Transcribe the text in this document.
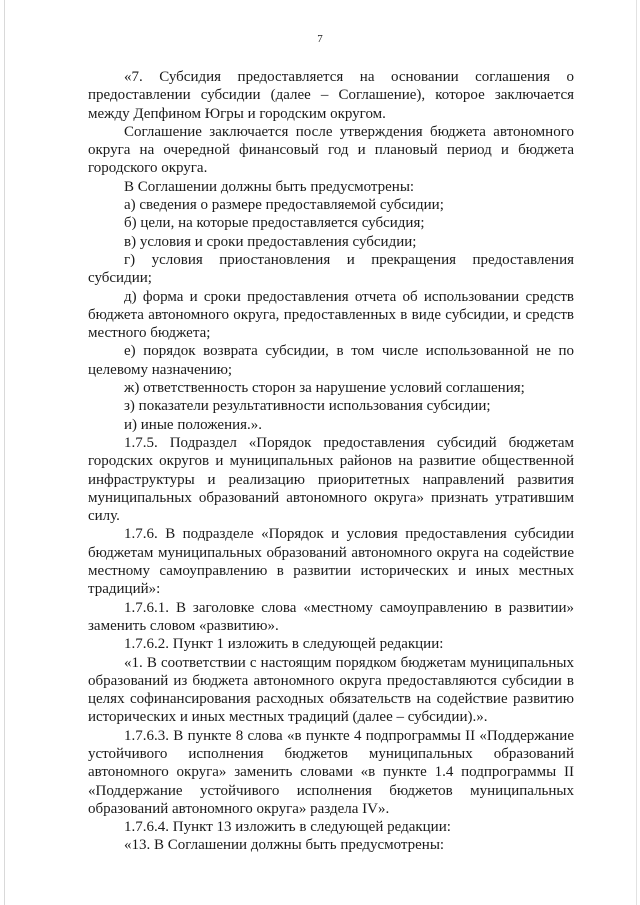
7

«7. Субсидия предоставляется на основании соглашения о предоставлении субсидии (далее – Соглашение), которое заключается между Депфином Югры и городским округом.

Соглашение заключается после утверждения бюджета автономного округа на очередной финансовый год и плановый период и бюджета городского округа.

В Соглашении должны быть предусмотрены:

а) сведения о размере предоставляемой субсидии;

б) цели, на которые предоставляется субсидия;

в) условия и сроки предоставления субсидии;

г) условия приостановления и прекращения предоставления субсидии;

д) форма и сроки предоставления отчета об использовании средств бюджета автономного округа, предоставленных в виде субсидии, и средств местного бюджета;

е) порядок возврата субсидии, в том числе использованной не по целевому назначению;

ж) ответственность сторон за нарушение условий соглашения;

з) показатели результативности использования субсидии;

и) иные положения.».

1.7.5. Подраздел «Порядок предоставления субсидий бюджетам городских округов и муниципальных районов на развитие общественной инфраструктуры и реализацию приоритетных направлений развития муниципальных образований автономного округа» признать утратившим силу.

1.7.6. В подразделе «Порядок и условия предоставления субсидии бюджетам муниципальных образований автономного округа на содействие местному самоуправлению в развитии исторических и иных местных традиций»:

1.7.6.1. В заголовке слова «местному самоуправлению в развитии» заменить словом «развитию».

1.7.6.2. Пункт 1 изложить в следующей редакции:

«1. В соответствии с настоящим порядком бюджетам муниципальных образований из бюджета автономного округа предоставляются субсидии в целях софинансирования расходных обязательств на содействие развитию исторических и иных местных традиций (далее – субсидии).».

1.7.6.3. В пункте 8 слова «в пункте 4 подпрограммы II «Поддержание устойчивого исполнения бюджетов муниципальных образований автономного округа» заменить словами «в пункте 1.4 подпрограммы II «Поддержание устойчивого исполнения бюджетов муниципальных образований автономного округа» раздела IV».

1.7.6.4. Пункт 13 изложить в следующей редакции:

«13. В Соглашении должны быть предусмотрены:
